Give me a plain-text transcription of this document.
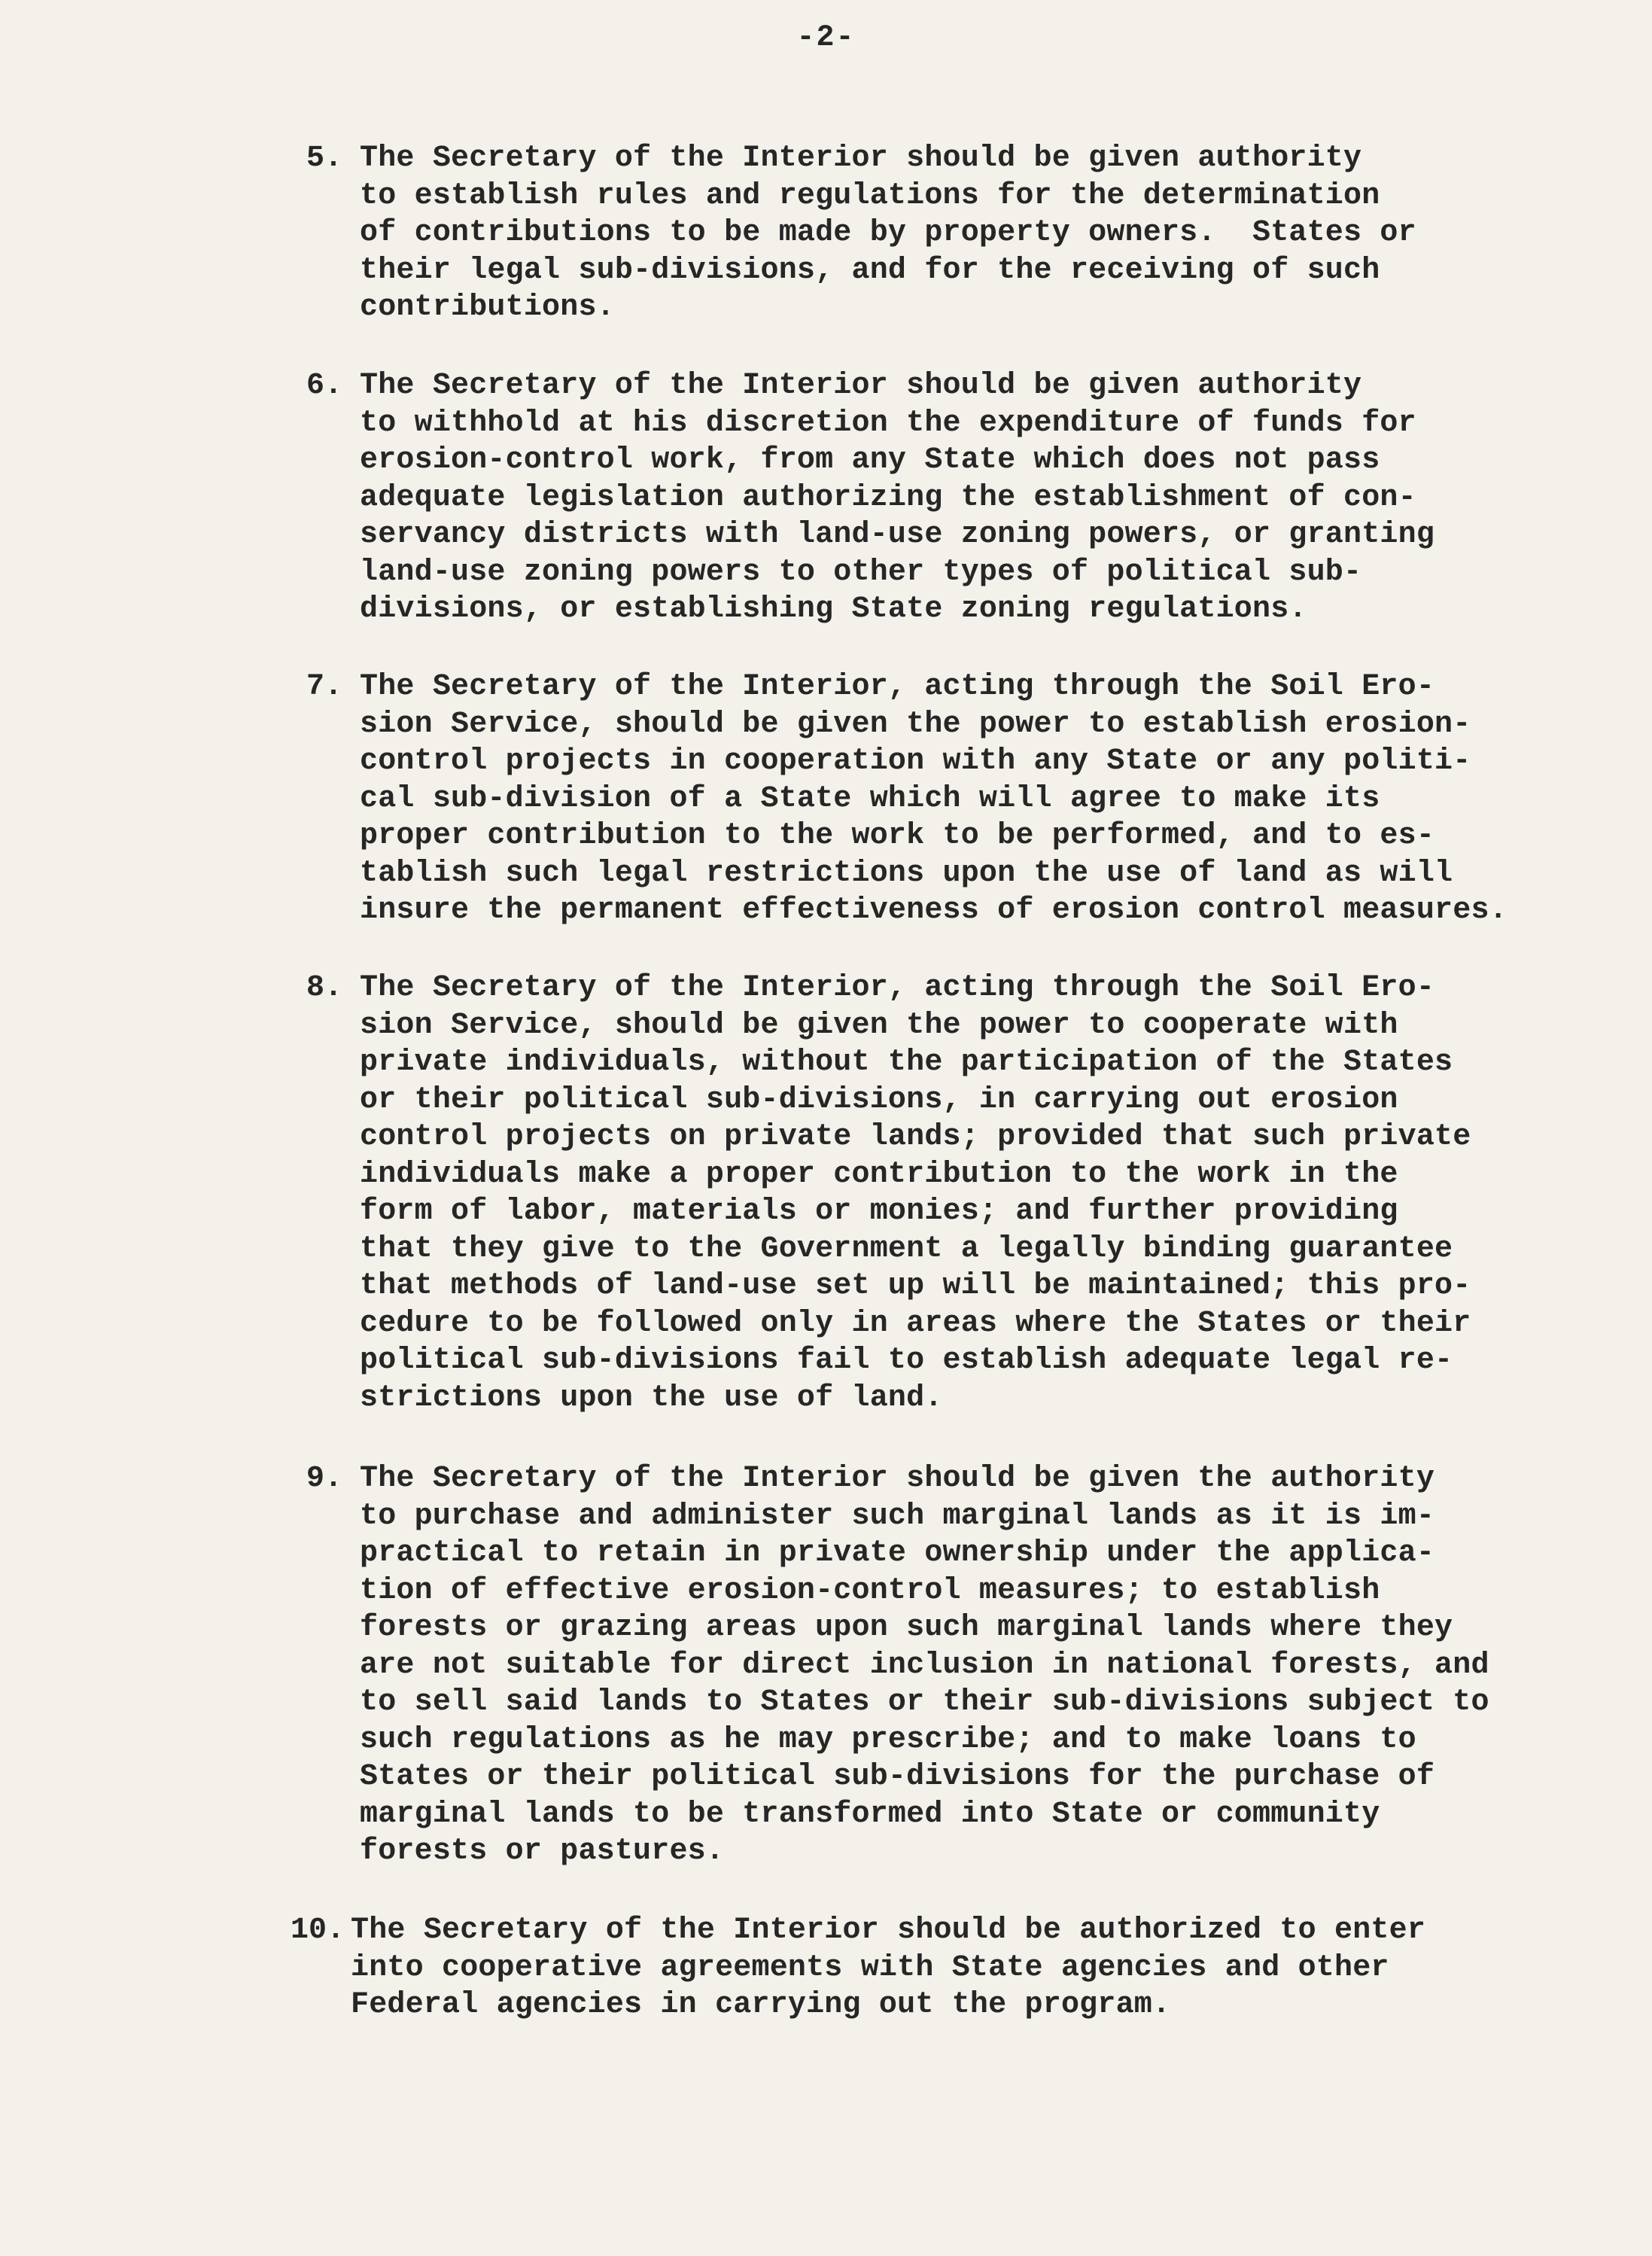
-2-
5. The Secretary of the Interior should be given authority
to establish rules and regulations for the determination
of contributions to be made by property owners.  States or
their legal sub-divisions, and for the receiving of such
contributions.
6. The Secretary of the Interior should be given authority
to withhold at his discretion the expenditure of funds for
erosion-control work, from any State which does not pass
adequate legislation authorizing the establishment of con-
servancy districts with land-use zoning powers, or granting
land-use zoning powers to other types of political sub-
divisions, or establishing State zoning regulations.
7. The Secretary of the Interior, acting through the Soil Ero-
sion Service, should be given the power to establish erosion-
control projects in cooperation with any State or any politi-
cal sub-division of a State which will agree to make its
proper contribution to the work to be performed, and to es-
tablish such legal restrictions upon the use of land as will
insure the permanent effectiveness of erosion control measures.
8. The Secretary of the Interior, acting through the Soil Ero-
sion Service, should be given the power to cooperate with
private individuals, without the participation of the States
or their political sub-divisions, in carrying out erosion
control projects on private lands; provided that such private
individuals make a proper contribution to the work in the
form of labor, materials or monies; and further providing
that they give to the Government a legally binding guarantee
that methods of land-use set up will be maintained; this pro-
cedure to be followed only in areas where the States or their
political sub-divisions fail to establish adequate legal re-
strictions upon the use of land.
9. The Secretary of the Interior should be given the authority
to purchase and administer such marginal lands as it is im-
practical to retain in private ownership under the applica-
tion of effective erosion-control measures; to establish
forests or grazing areas upon such marginal lands where they
are not suitable for direct inclusion in national forests, and
to sell said lands to States or their sub-divisions subject to
such regulations as he may prescribe; and to make loans to
States or their political sub-divisions for the purchase of
marginal lands to be transformed into State or community
forests or pastures.
10. The Secretary of the Interior should be authorized to enter
into cooperative agreements with State agencies and other
Federal agencies in carrying out the program.
